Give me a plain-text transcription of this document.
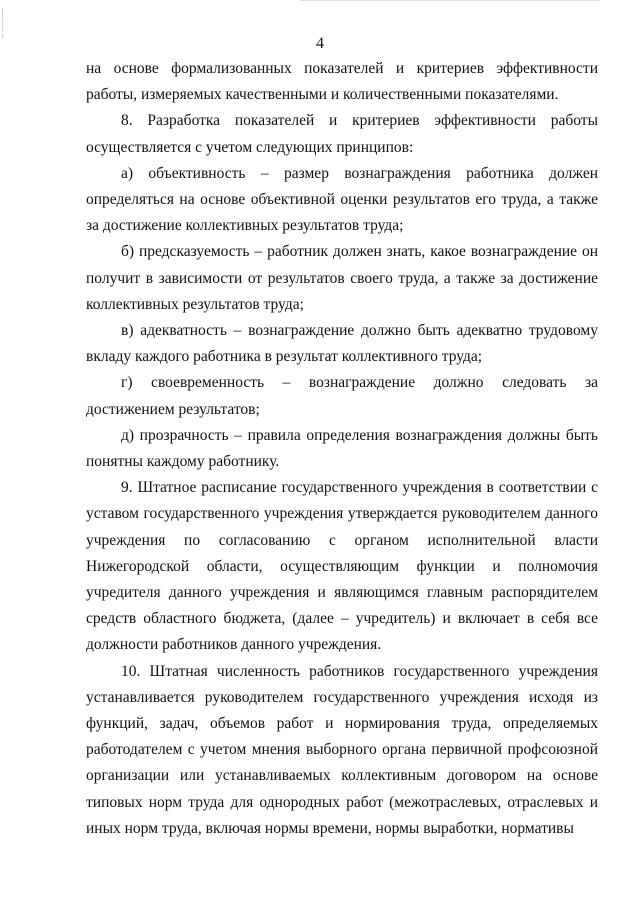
4

на основе формализованных показателей и критериев эффективности работы, измеряемых качественными и количественными показателями.

8. Разработка показателей и критериев эффективности работы осуществляется с учетом следующих принципов:

а) объективность – размер вознаграждения работника должен определяться на основе объективной оценки результатов его труда, а также за достижение коллективных результатов труда;

б) предсказуемость – работник должен знать, какое вознаграждение он получит в зависимости от результатов своего труда, а также за достижение коллективных результатов труда;

в) адекватность – вознаграждение должно быть адекватно трудовому вкладу каждого работника в результат коллективного труда;

г) своевременность – вознаграждение должно следовать за достижением результатов;

д) прозрачность – правила определения вознаграждения должны быть понятны каждому работнику.

9. Штатное расписание государственного учреждения в соответствии с уставом государственного учреждения утверждается руководителем данного учреждения по согласованию с органом исполнительной власти Нижегородской области, осуществляющим функции и полномочия учредителя данного учреждения и являющимся главным распорядителем средств областного бюджета, (далее – учредитель) и включает в себя все должности работников данного учреждения.

10. Штатная численность работников государственного учреждения устанавливается руководителем государственного учреждения исходя из функций, задач, объемов работ и нормирования труда, определяемых работодателем с учетом мнения выборного органа первичной профсоюзной организации или устанавливаемых коллективным договором на основе типовых норм труда для однородных работ (межотраслевых, отраслевых и иных норм труда, включая нормы времени, нормы выработки, нормативы
